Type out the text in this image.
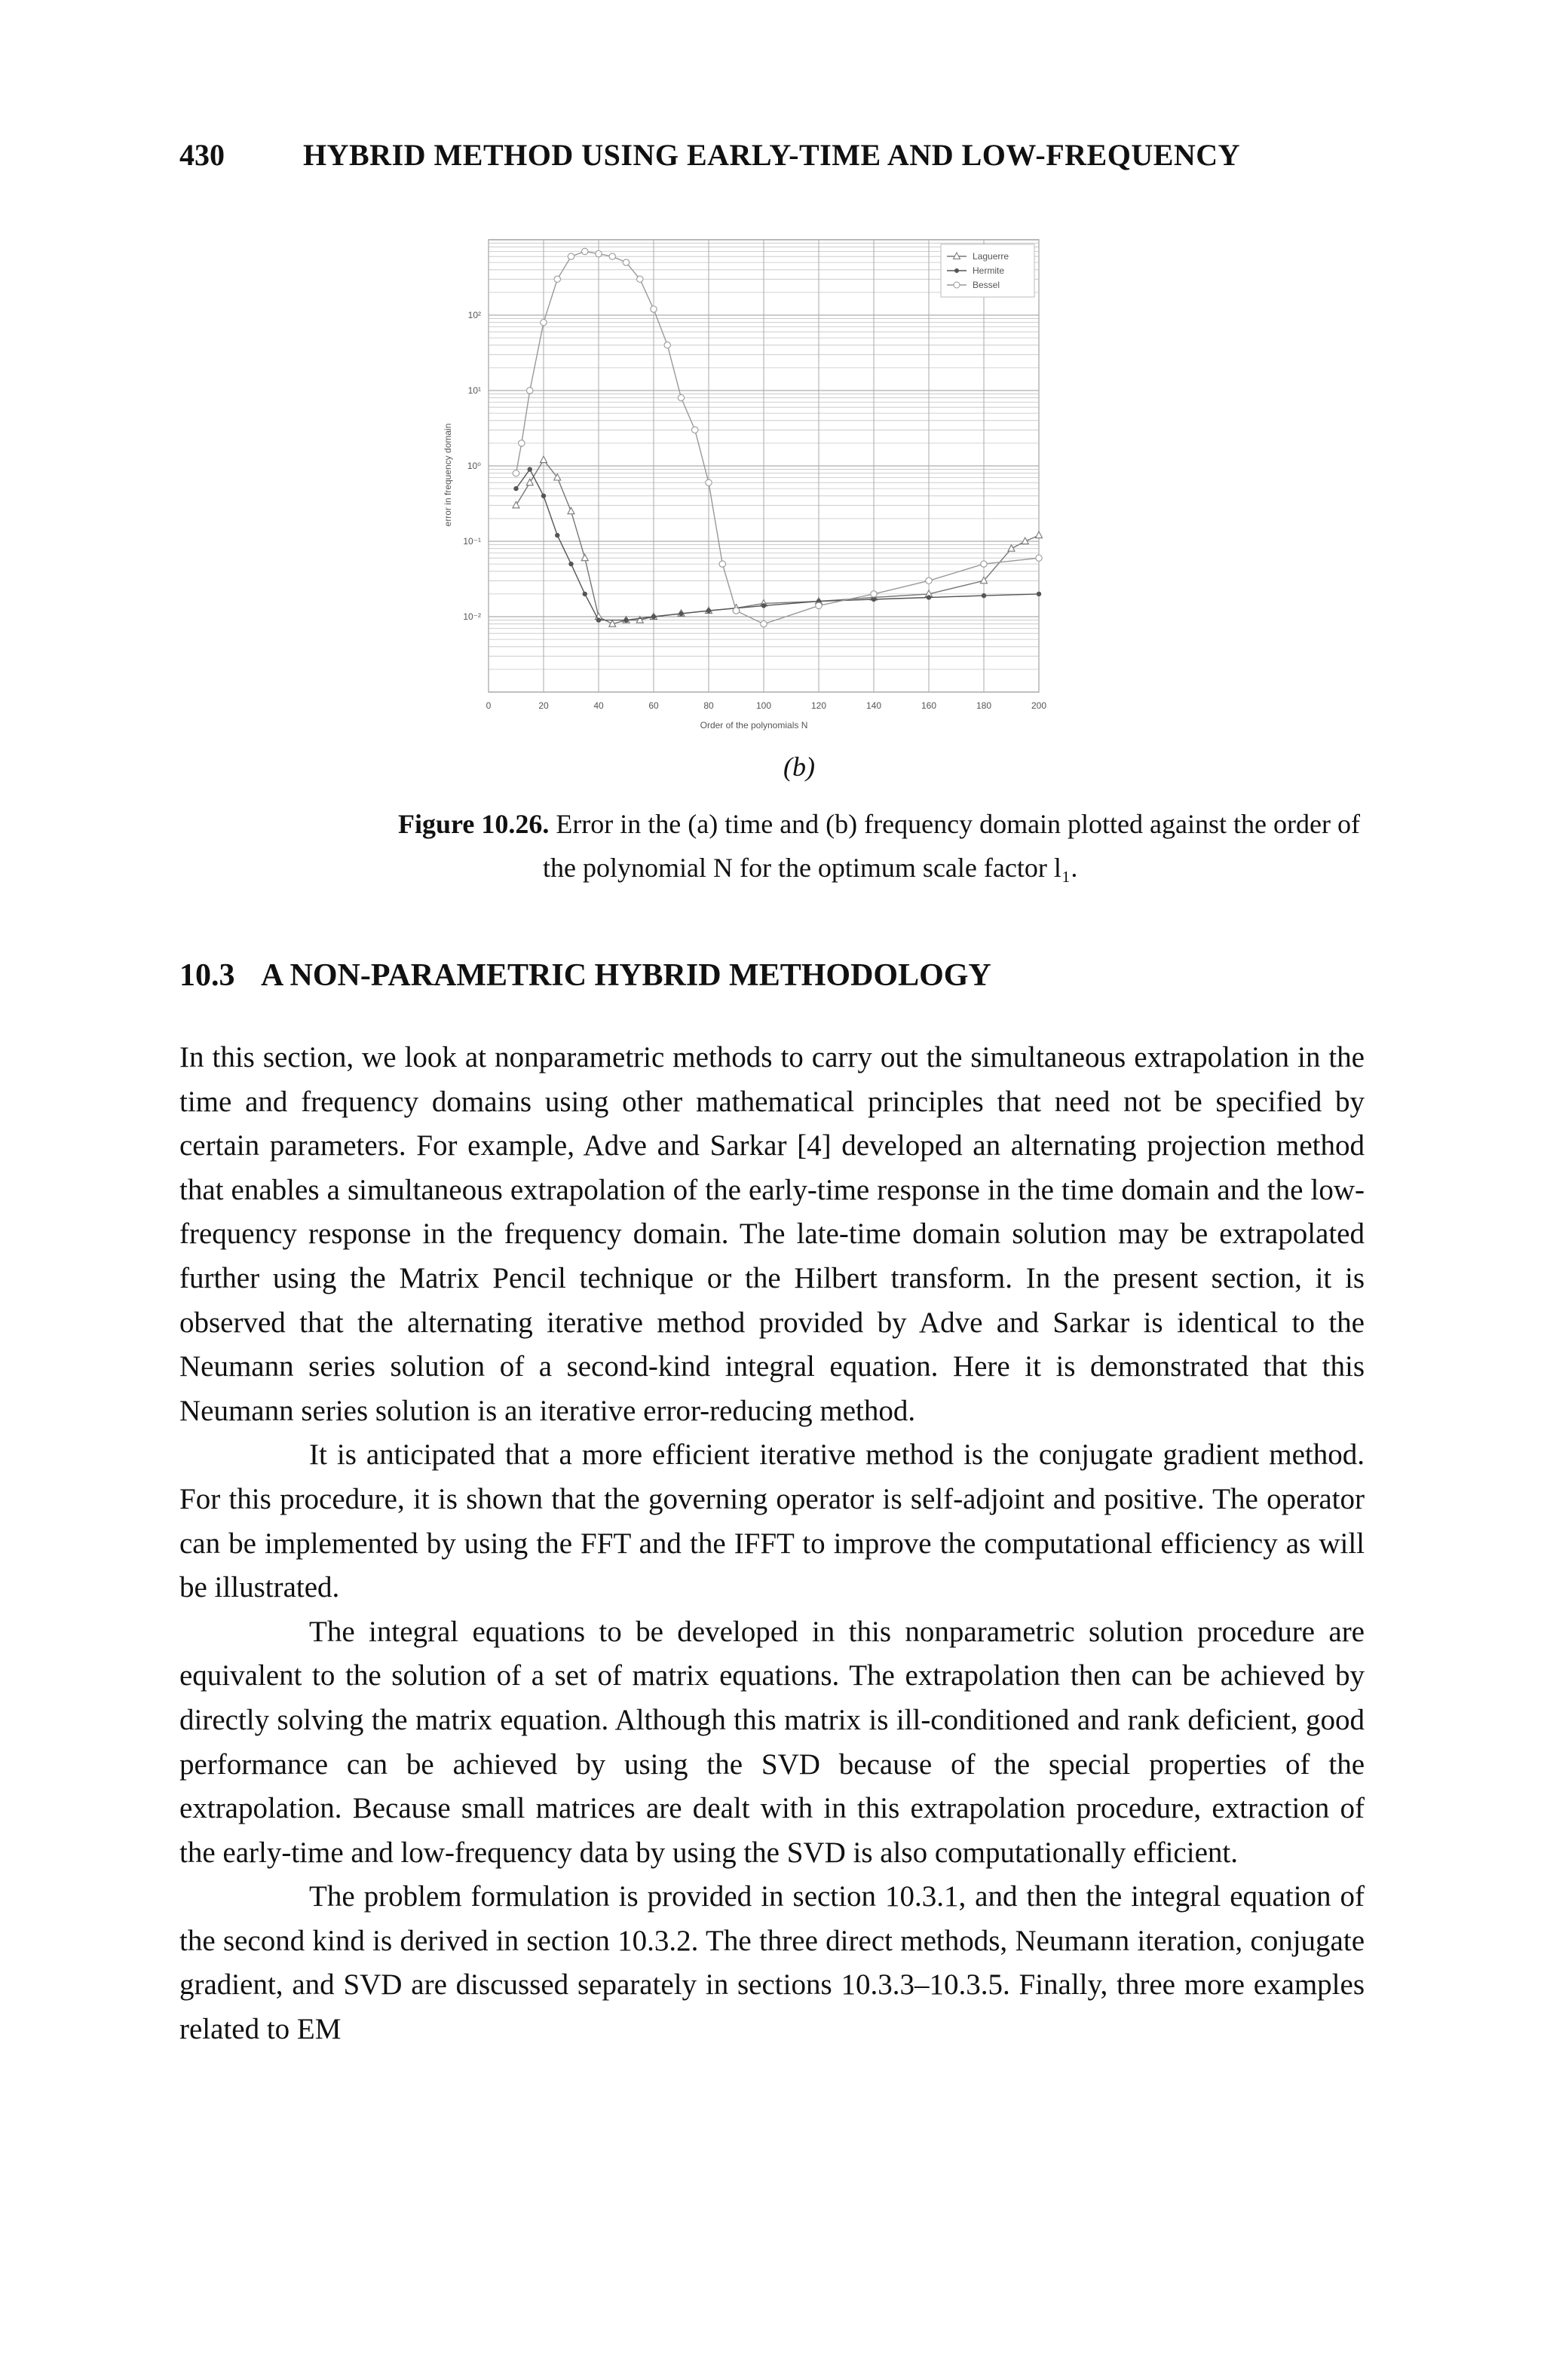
430	HYBRID METHOD USING EARLY-TIME AND LOW-FREQUENCY
0	20	40	60	80	100	120	140	160	180	200
10²
10¹
10⁰
10⁻¹
10⁻²
Order of the polynomials N
error in frequency domain
Laguerre
Hermite
Bessel
(b)
Figure 10.26. Error in the (a) time and (b) frequency domain plotted against the order of
the polynomial N for the optimum scale factor l₁.
10.3 A NON-PARAMETRIC HYBRID METHODOLOGY

In this section, we look at nonparametric methods to carry out the simultaneous extrapolation in the time and frequency domains using other mathematical principles that need not be specified by certain parameters. For example, Adve and Sarkar [4] developed an alternating projection method that enables a simultaneous extrapolation of the early-time response in the time domain and the low-frequency response in the frequency domain. The late-time domain solution may be extrapolated further using the Matrix Pencil technique or the Hilbert transform. In the present section, it is observed that the alternating iterative method provided by Adve and Sarkar is identical to the Neumann series solution of a second-kind integral equation. Here it is demonstrated that this Neumann series solution is an iterative error-reducing method.

It is anticipated that a more efficient iterative method is the conjugate gradient method. For this procedure, it is shown that the governing operator is self-adjoint and positive. The operator can be implemented by using the FFT and the IFFT to improve the computational efficiency as will be illustrated.

The integral equations to be developed in this nonparametric solution procedure are equivalent to the solution of a set of matrix equations. The extrapolation then can be achieved by directly solving the matrix equation. Although this matrix is ill-conditioned and rank deficient, good performance can be achieved by using the SVD because of the special properties of the extrapolation. Because small matrices are dealt with in this extrapolation procedure, extraction of the early-time and low-frequency data by using the SVD is also computationally efficient.

The problem formulation is provided in section 10.3.1, and then the integral equation of the second kind is derived in section 10.3.2. The three direct methods, Neumann iteration, conjugate gradient, and SVD are discussed separately in sections 10.3.3–10.3.5. Finally, three more examples related to EM
